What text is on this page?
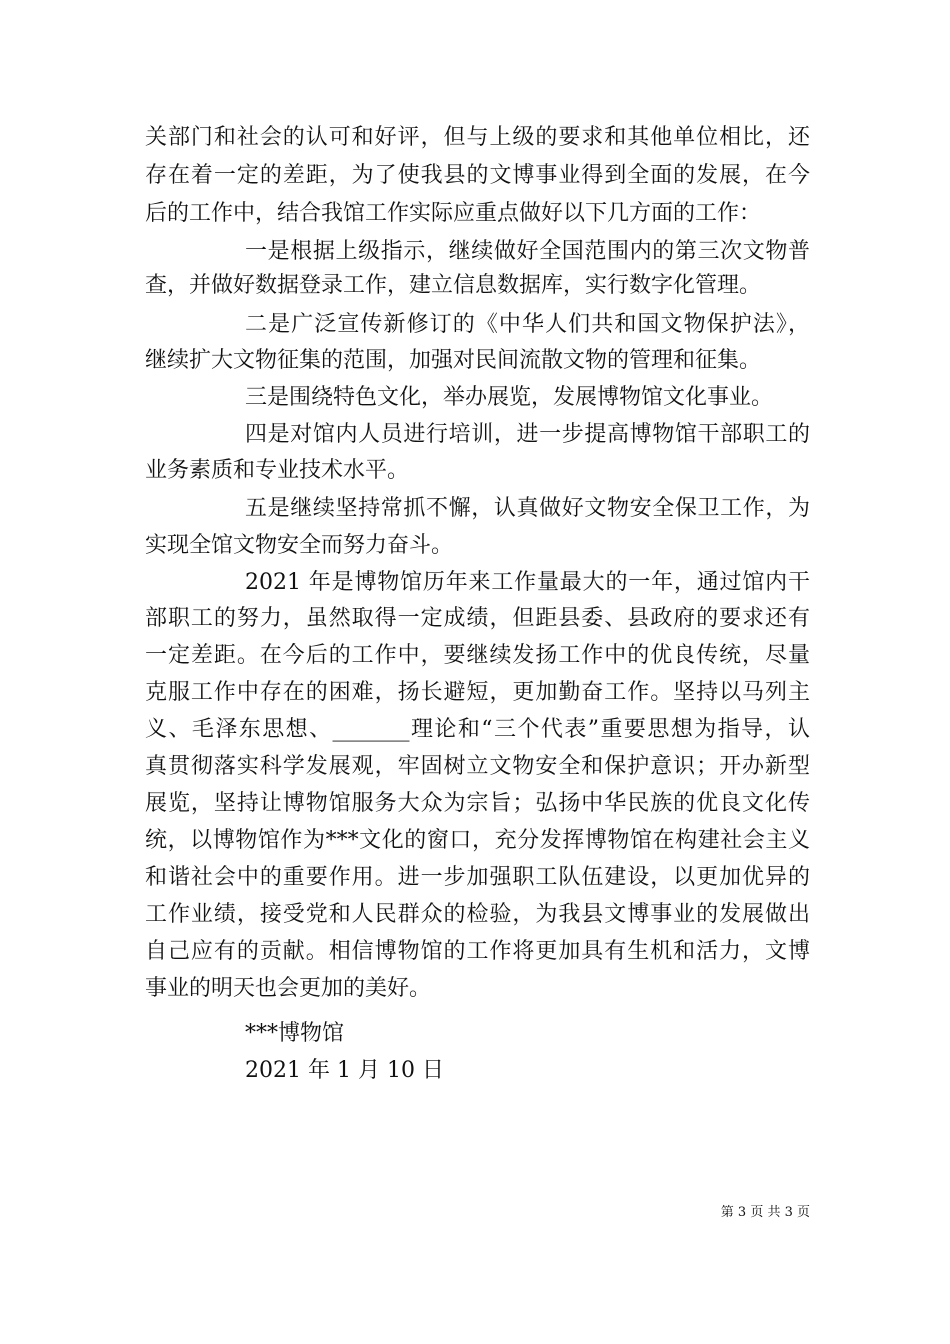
关部门和社会的认可和好评，但与上级的要求和其他单位相比，还
存在着一定的差距，为了使我县的文博事业得到全面的发展，在今
后的工作中，结合我馆工作实际应重点做好以下几方面的工作：
一是根据上级指示，继续做好全国范围内的第三次文物普
查，并做好数据登录工作，建立信息数据库，实行数字化管理。
二是广泛宣传新修订的《中华人们共和国文物保护法》，
继续扩大文物征集的范围，加强对民间流散文物的管理和征集。
三是围绕特色文化，举办展览，发展博物馆文化事业。
四是对馆内人员进行培训，进一步提高博物馆干部职工的
业务素质和专业技术水平。
五是继续坚持常抓不懈，认真做好文物安全保卫工作，为
实现全馆文物安全而努力奋斗。
2021 年是博物馆历年来工作量最大的一年，通过馆内干
部职工的努力，虽然取得一定成绩，但距县委、县政府的要求还有
一定差距。在今后的工作中，要继续发扬工作中的优良传统，尽量
克服工作中存在的困难，扬长避短，更加勤奋工作。坚持以马列主
义、毛泽东思想、_______理论和“三个代表”重要思想为指导，认
真贯彻落实科学发展观，牢固树立文物安全和保护意识；开办新型
展览，坚持让博物馆服务大众为宗旨；弘扬中华民族的优良文化传
统，以博物馆作为***文化的窗口，充分发挥博物馆在构建社会主义
和谐社会中的重要作用。进一步加强职工队伍建设，以更加优异的
工作业绩，接受党和人民群众的检验，为我县文博事业的发展做出
自己应有的贡献。相信博物馆的工作将更加具有生机和活力，文博
事业的明天也会更加的美好。
***博物馆
2021 年 1 月 10 日
第 3 页 共 3 页
